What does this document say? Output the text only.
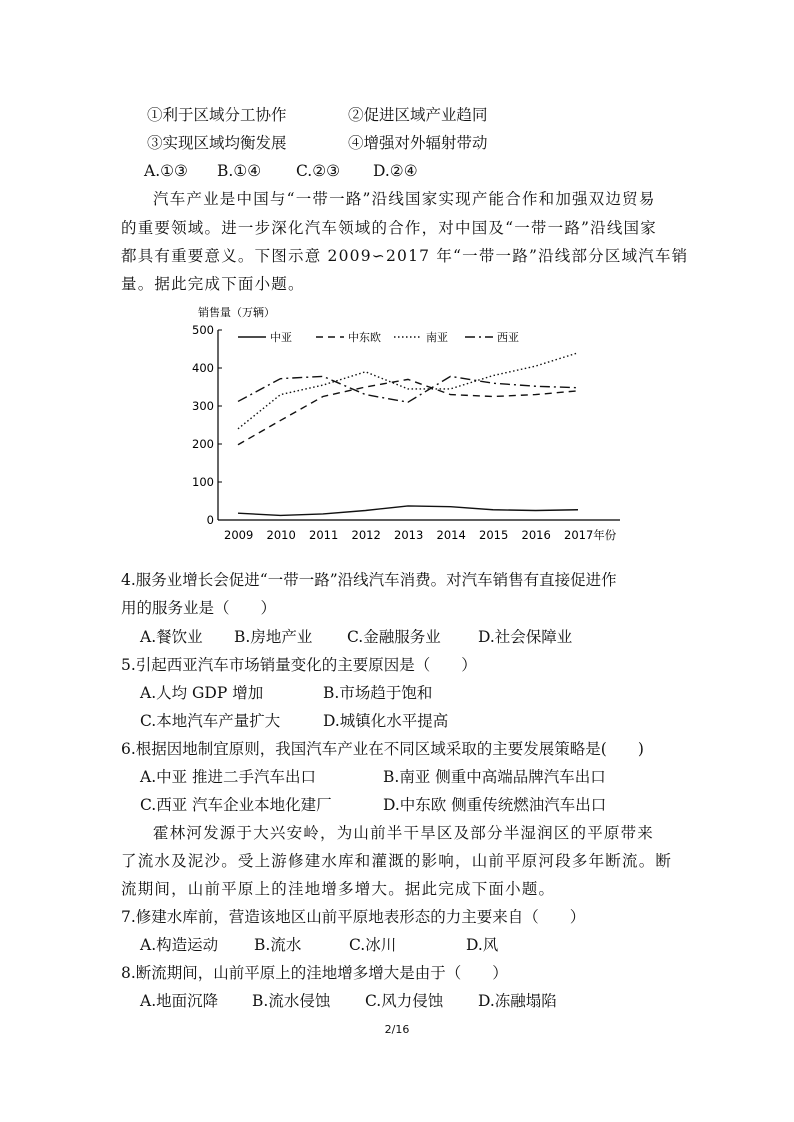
①利于区域分工协作	②促进区域产业趋同
③实现区域均衡发展	④增强对外辐射带动
A.①③ B.①④ C.②③ D.②④
汽车产业是中国与“一带一路”沿线国家实现产能合作和加强双边贸易
的重要领域。进一步深化汽车领域的合作，对中国及“一带一路”沿线国家
都具有重要意义。下图示意 2009∽2017 年“一带一路”沿线部分区域汽车销
量。据此完成下面小题。
销售量（万辆）
0
100
200
300
400
500
2009 2010 2011 2012 2013 2014 2015 2016 2017年份
中亚	中东欧	南亚	西亚
4.服务业增长会促进“一带一路”沿线汽车消费。对汽车销售有直接促进作
用的服务业是（　　）
A.餐饮业 B.房地产业 C.金融服务业 D.社会保障业
5.引起西亚汽车市场销量变化的主要原因是（　　）
A.人均 GDP 增加	B.市场趋于饱和
C.本地汽车产量扩大	D.城镇化水平提高
6.根据因地制宜原则，我国汽车产业在不同区域采取的主要发展策略是(　　)
A.中亚 推进二手汽车出口	B.南亚 侧重中高端品牌汽车出口
C.西亚 汽车企业本地化建厂	D.中东欧 侧重传统燃油汽车出口
霍林河发源于大兴安岭，为山前半干旱区及部分半湿润区的平原带来
了流水及泥沙。受上游修建水库和灌溉的影响，山前平原河段多年断流。断
流期间，山前平原上的洼地增多增大。据此完成下面小题。
7.修建水库前，营造该地区山前平原地表形态的力主要来自（　　）
A.构造运动 B.流水	C.冰川	D.风
8.断流期间，山前平原上的洼地增多增大是由于（　　）
A.地面沉降 B.流水侵蚀 C.风力侵蚀 D.冻融塌陷
2/16
